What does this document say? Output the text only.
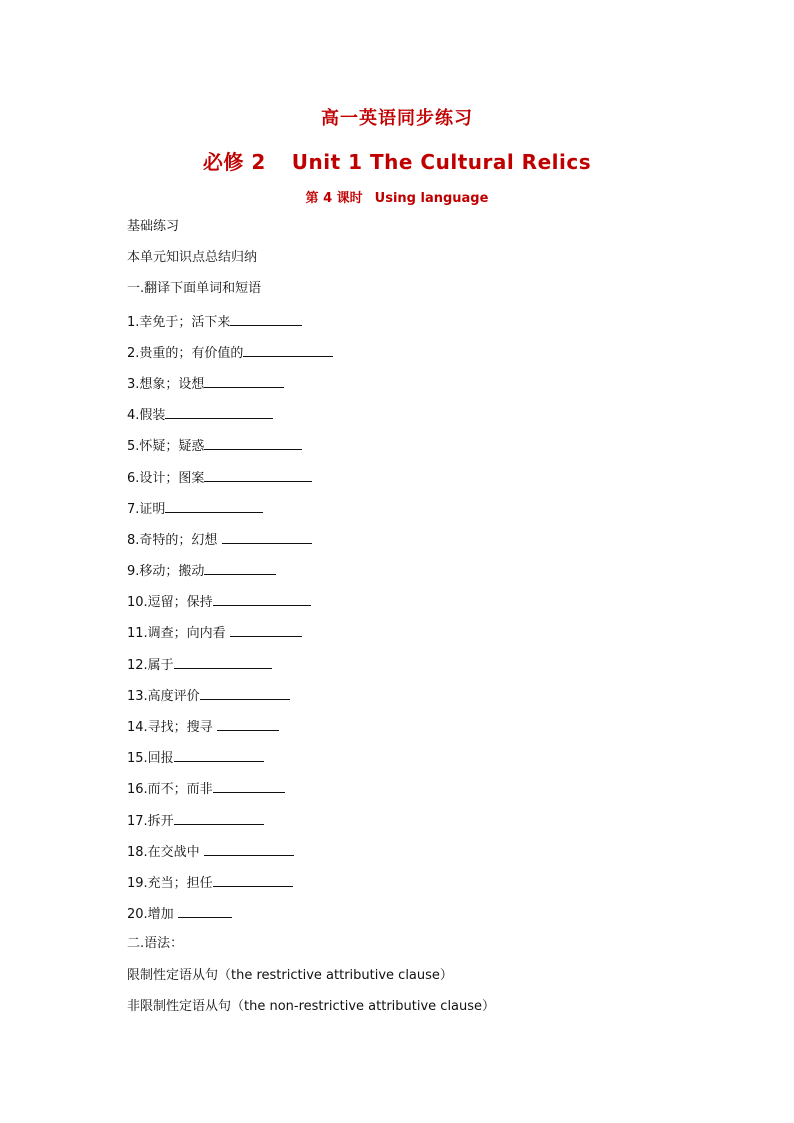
高一英语同步练习
必修 2 Unit 1 The Cultural Relics
第 4 课时 Using language
基础练习
本单元知识点总结归纳
一.翻译下面单词和短语
1.幸免于；活下来
2.贵重的；有价值的
3.想象；设想
4.假装
5.怀疑；疑惑
6.设计；图案
7.证明
8.奇特的；幻想
9.移动；搬动
10.逗留；保持
11.调查；向内看
12.属于
13.高度评价
14.寻找；搜寻
15.回报
16.而不；而非
17.拆开
18.在交战中
19.充当；担任
20.增加
二.语法：
限制性定语从句（the restrictive attributive clause）
非限制性定语从句（the non-restrictive attributive clause）
